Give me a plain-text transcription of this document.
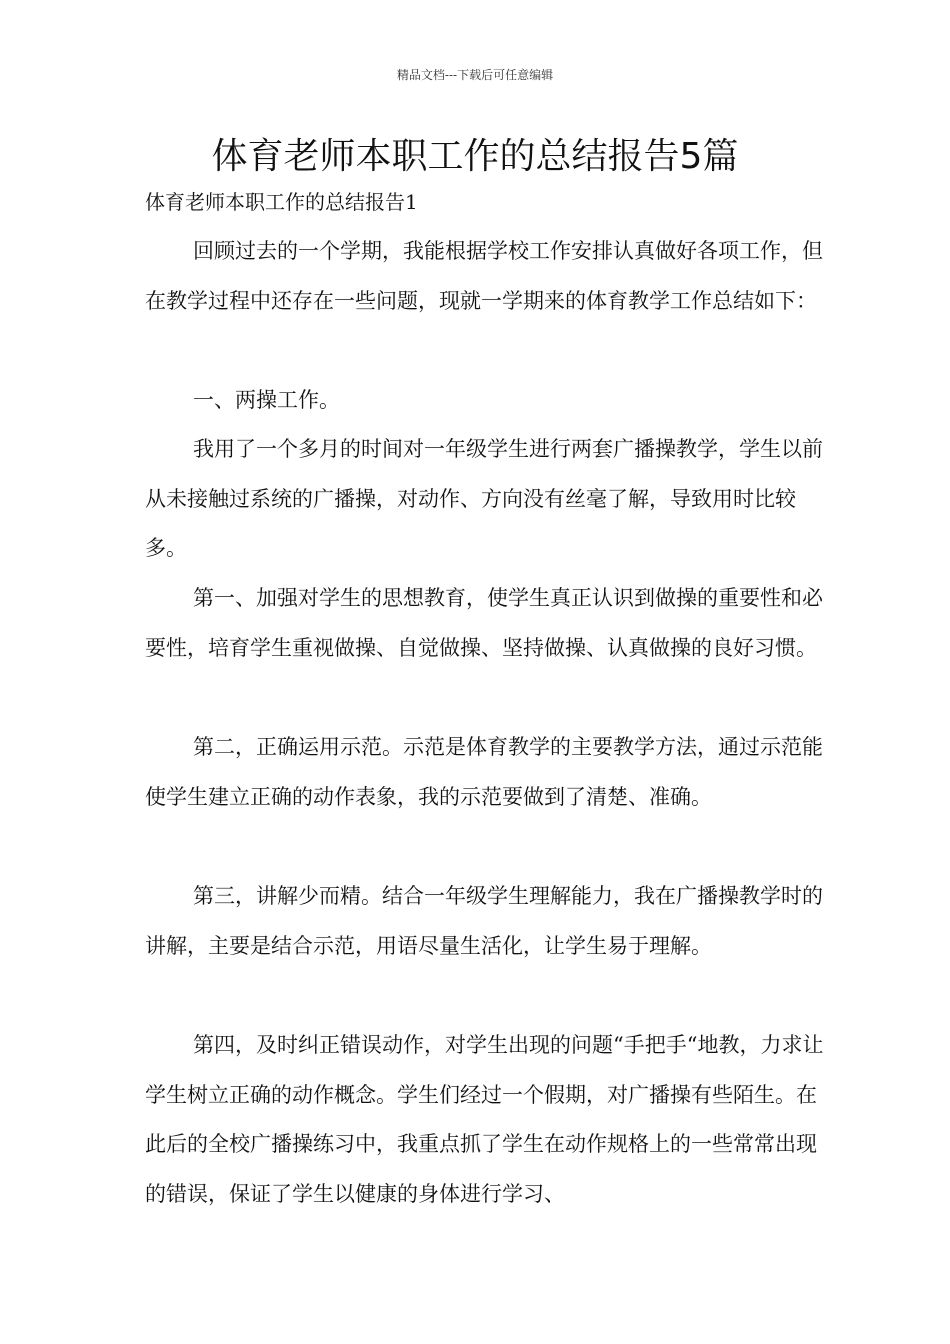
精品文档---下载后可任意编辑
体育老师本职工作的总结报告5篇
体育老师本职工作的总结报告1

回顾过去的一个学期，我能根据学校工作安排认真做好各项工作，但在教学过程中还存在一些问题，现就一学期来的体育教学工作总结如下：

一、两操工作。

我用了一个多月的时间对一年级学生进行两套广播操教学，学生以前从未接触过系统的广播操，对动作、方向没有丝毫了解，导致用时比较多。

第一、加强对学生的思想教育，使学生真正认识到做操的重要性和必要性，培育学生重视做操、自觉做操、坚持做操、认真做操的良好习惯。

第二，正确运用示范。示范是体育教学的主要教学方法，通过示范能使学生建立正确的动作表象，我的示范要做到了清楚、准确。

第三，讲解少而精。结合一年级学生理解能力，我在广播操教学时的讲解，主要是结合示范，用语尽量生活化，让学生易于理解。

第四，及时纠正错误动作，对学生出现的问题“手把手“地教，力求让学生树立正确的动作概念。学生们经过一个假期，对广播操有些陌生。在此后的全校广播操练习中，我重点抓了学生在动作规格上的一些常常出现的错误，保证了学生以健康的身体进行学习、
